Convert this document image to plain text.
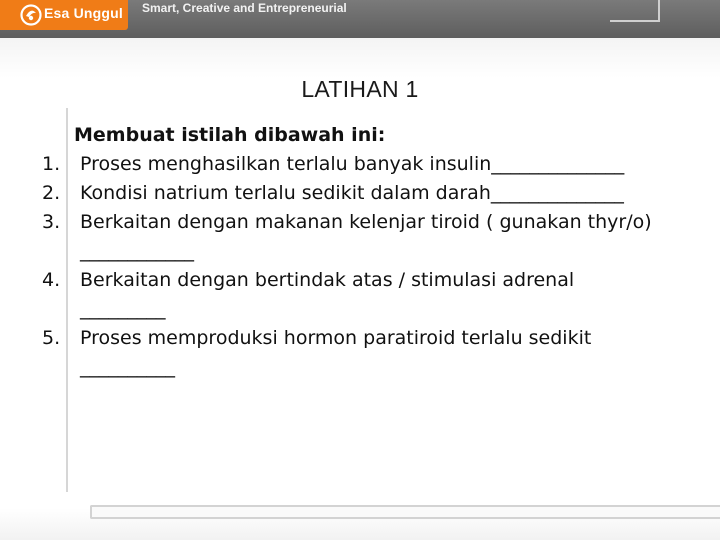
Esa Unggul Smart, Creative and Entrepreneurial
LATIHAN 1
Membuat istilah dibawah ini:
1. Proses menghasilkan terlalu banyak insulin______________
2. Kondisi natrium terlalu sedikit dalam darah______________
3. Berkaitan dengan makanan kelenjar tiroid ( gunakan thyr/o)
____________
4. Berkaitan dengan bertindak atas / stimulasi adrenal
_________
5. Proses memproduksi hormon paratiroid terlalu sedikit
__________
